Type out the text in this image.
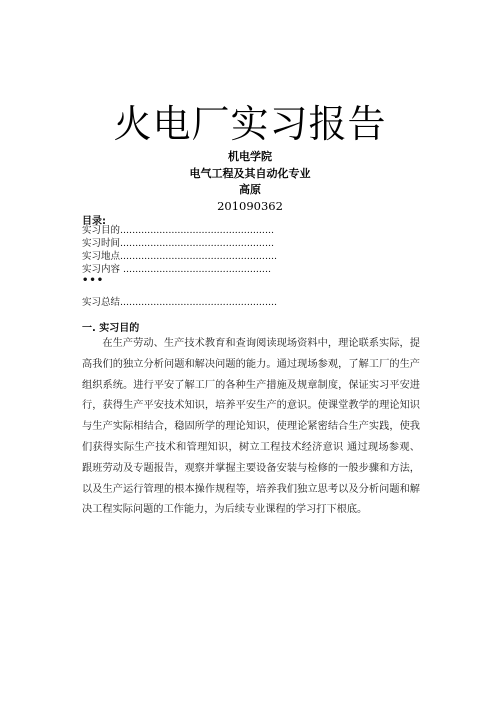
火电厂实习报告
机电学院
电气工程及其自动化专业
高原
201090362
目录:
实习目的...................................................
实习时间...................................................
实习地点....................................................
实习内容 .................................................
•••
实习总结....................................................
一. 实习目的
在生产劳动、生产技术教育和查询阅读现场资料中，理论联系实际，提高我们的独立分析问题和解决问题的能力。通过现场参观，了解工厂的生产组织系统。进行平安了解工厂的各种生产措施及规章制度，保证实习平安进行，获得生产平安技术知识，培养平安生产的意识。使课堂教学的理论知识与生产实际相结合，稳固所学的理论知识，使理论紧密结合生产实践，使我们获得实际生产技术和管理知识，树立工程技术经济意识 通过现场参观、跟班劳动及专题报告，观察并掌握主要设备安装与检修的一般步骤和方法，以及生产运行管理的根本操作规程等，培养我们独立思考以及分析问题和解决工程实际问题的工作能力，为后续专业课程的学习打下根底。
